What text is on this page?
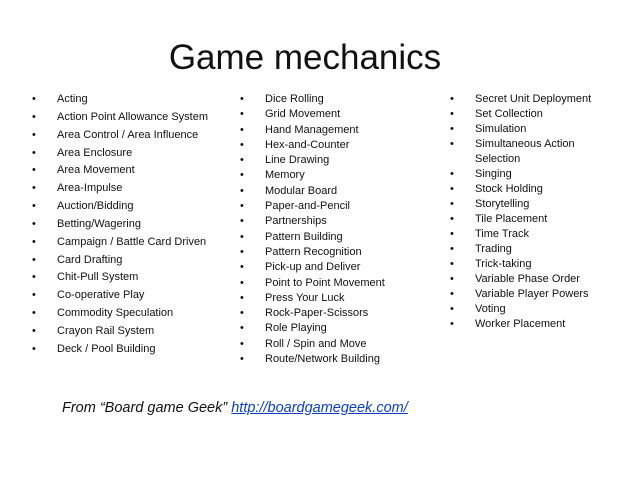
Game mechanics
• Acting
• Action Point Allowance System
• Area Control / Area Influence
• Area Enclosure
• Area Movement
• Area-Impulse
• Auction/Bidding
• Betting/Wagering
• Campaign / Battle Card Driven
• Card Drafting
• Chit-Pull System
• Co-operative Play
• Commodity Speculation
• Crayon Rail System
• Deck / Pool Building
• Dice Rolling
• Grid Movement
• Hand Management
• Hex-and-Counter
• Line Drawing
• Memory
• Modular Board
• Paper-and-Pencil
• Partnerships
• Pattern Building
• Pattern Recognition
• Pick-up and Deliver
• Point to Point Movement
• Press Your Luck
• Rock-Paper-Scissors
• Role Playing
• Roll / Spin and Move
• Route/Network Building
• Secret Unit Deployment
• Set Collection
• Simulation
• Simultaneous Action Selection
• Singing
• Stock Holding
• Storytelling
• Tile Placement
• Time Track
• Trading
• Trick-taking
• Variable Phase Order
• Variable Player Powers
• Voting
• Worker Placement
From “Board game Geek” http://boardgamegeek.com/
